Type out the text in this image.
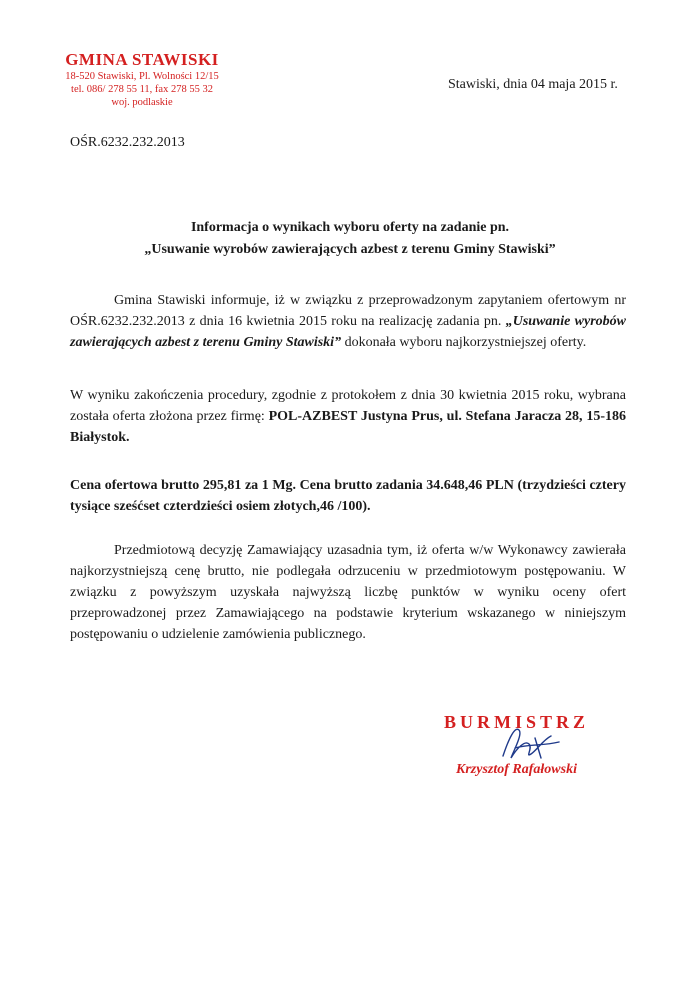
GMINA STAWISKI
18-520 Stawiski, Pl. Wolności 12/15
tel. 086/ 278 55 11, fax 278 55 32
woj. podlaskie
Stawiski, dnia 04 maja 2015 r.
OŚR.6232.232.2013
Informacja o wynikach wyboru oferty na zadanie pn.
„Usuwanie wyrobów zawierających azbest z terenu Gminy Stawiski”
Gmina Stawiski informuje, iż w związku z przeprowadzonym zapytaniem ofertowym nr OŚR.6232.232.2013 z dnia 16 kwietnia 2015 roku na realizację zadania pn. „Usuwanie wyrobów zawierających azbest z terenu Gminy Stawiski” dokonała wyboru najkorzystniejszej oferty.
W wyniku zakończenia procedury, zgodnie z protokołem z dnia 30 kwietnia 2015 roku, wybrana została oferta złożona przez firmę: POL-AZBEST Justyna Prus, ul. Stefana Jaracza 28, 15-186 Białystok.
Cena ofertowa brutto 295,81 za 1 Mg. Cena brutto zadania 34.648,46 PLN (trzydzieści cztery tysiące sześćset czterdzieści osiem złotych,46 /100).
Przedmiotową decyzję Zamawiający uzasadnia tym, iż oferta w/w Wykonawcy zawierała najkorzystniejszą cenę brutto, nie podlegała odrzuceniu w przedmiotowym postępowaniu. W związku z powyższym uzyskała najwyższą liczbę punktów w wyniku oceny ofert przeprowadzonej przez Zamawiającego na podstawie kryterium wskazanego w niniejszym postępowaniu o udzielenie zamówienia publicznego.
BURMISTRZ
Krzysztof Rafałowski
